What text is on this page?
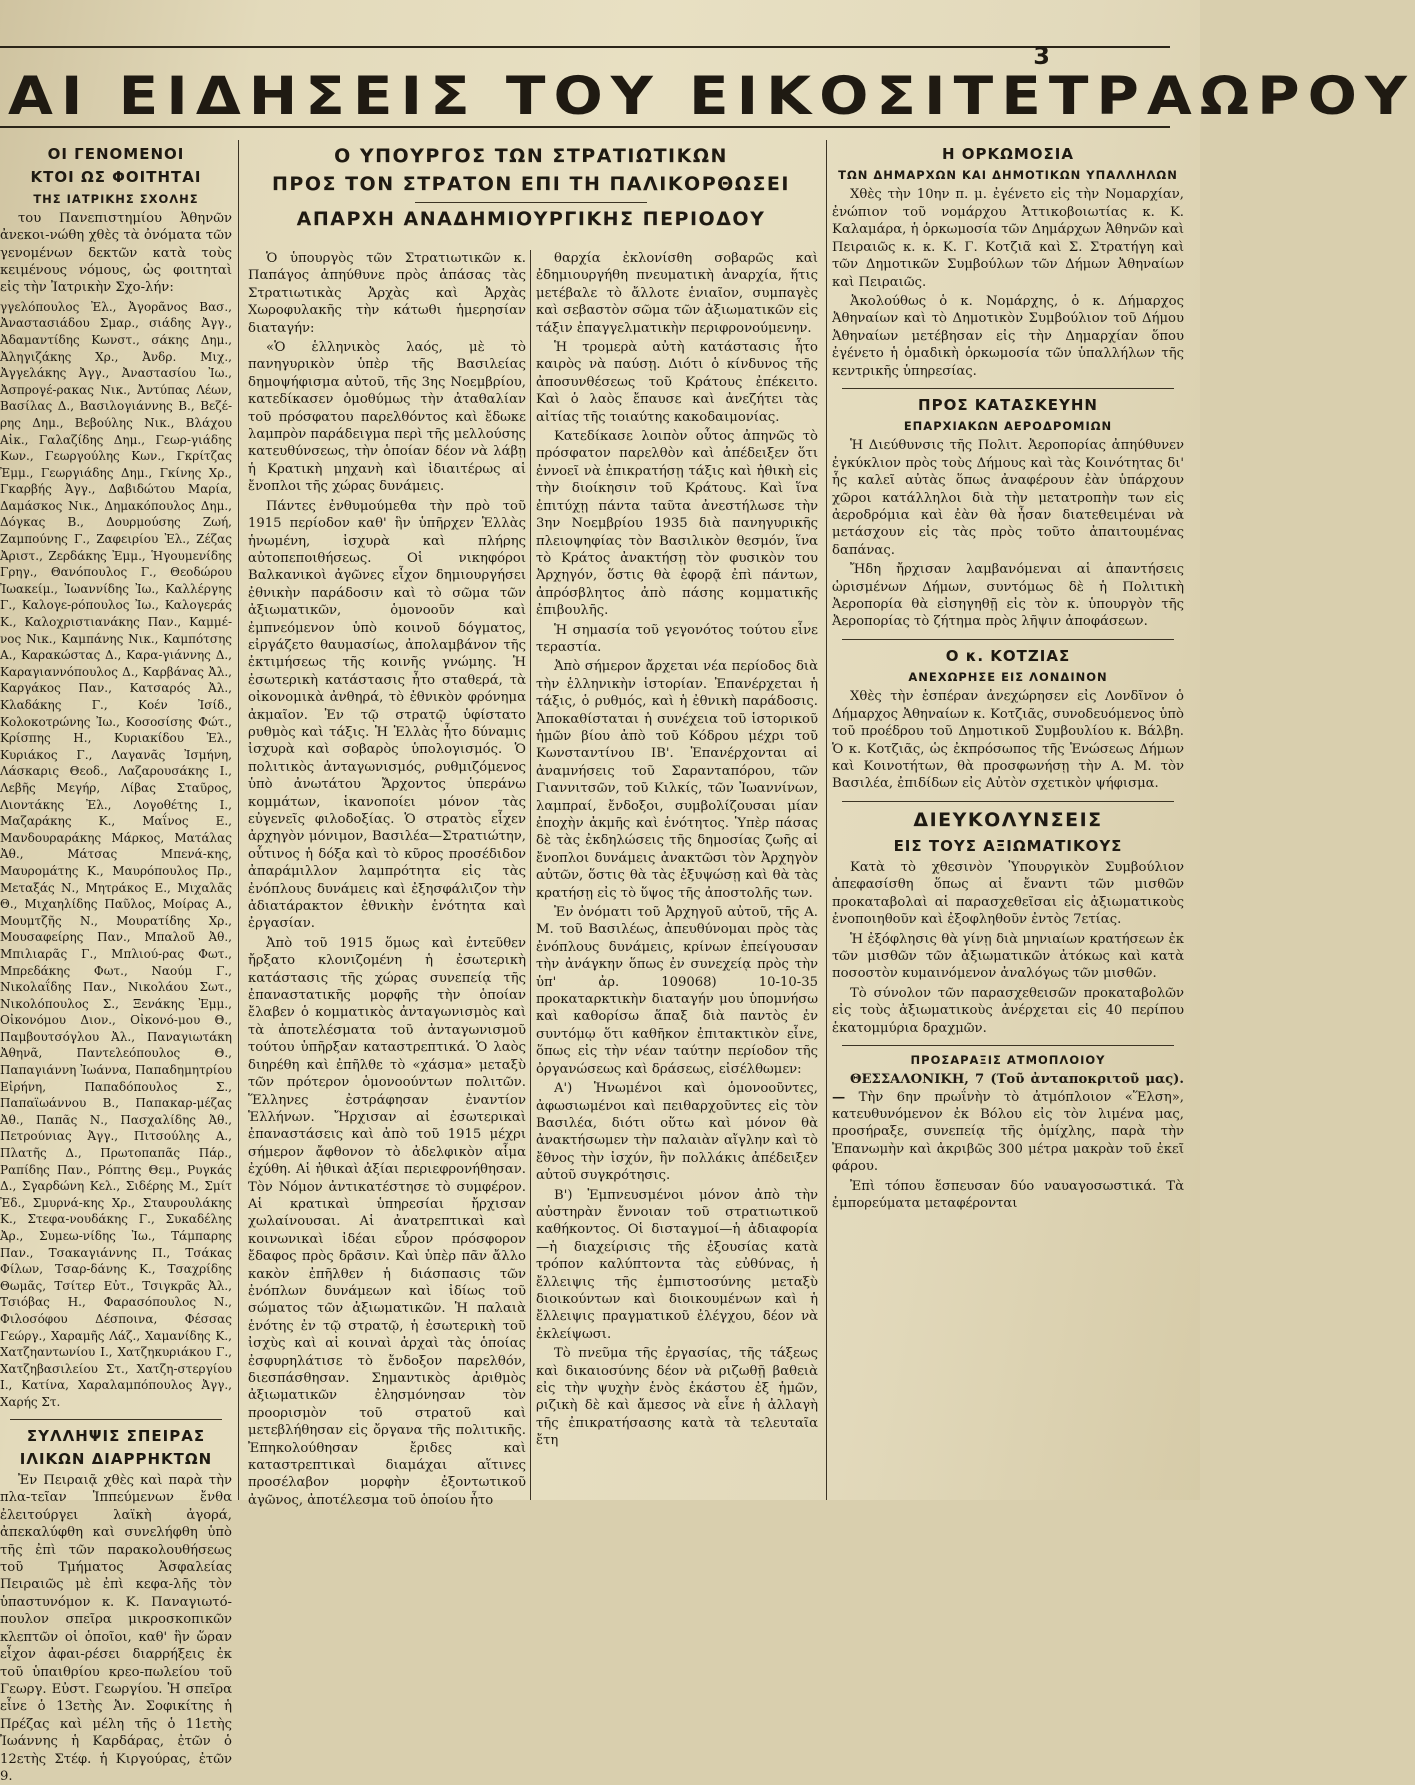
3
ΑΙ ΕΙΔΗΣΕΙΣ ΤΟΥ ΕΙΚΟΣΙΤΕΤΡΑΩΡΟΥ
ΟΙ ΓΕΝΟΜΕΝΟΙ
ΚΤΟΙ ΩΣ ΦΟΙΤΗΤΑΙ
ΤΗΣ ΙΑΤΡΙΚΗΣ ΣΧΟΛΗΣ

του Πανεπιστημίου Ἀθηνῶν ἀνεκοι-νώθη χθὲς τὰ ὀνόματα τῶν γενομένων δεκτῶν κατὰ τοὺς κειμένους νόμους, ὡς φοιτηταὶ εἰς τὴν Ἰατρικὴν Σχο-λήν:

γγελόπουλος Ἐλ., Ἀγορᾶνος Βασ., Ἀναστασιάδου Σμαρ., σιάδης Ἀγγ., Ἀδαμαντίδης Κωνστ., σάκης Δημ., Ἀληγιζάκης Χρ., Ἀνδρ. Μιχ., Ἀγγελάκης Ἀγγ., Ἀναστασίου Ἰω., Ἀσπρογέ-ρακας Νικ., Ἀντύπας Λέων, Βασίλας Δ., Βασιλογιάννης Β., Βεζέ-ρης Δημ., Βεβούλης Νικ., Βλάχου Αἰκ., Γαλαζίδης Δημ., Γεωρ-γιάδης Κων., Γεωργούλης Κων., Γκρίτζας Ἐμμ., Γεωργιάδης Δημ., Γκίνης Χρ., Γκαρβής Ἀγγ., Δαβιδώτου Μαρία, Δαμάσκος Νικ., Δημακόπουλος Δημ., Δόγκας Β., Δουρμούσης Ζωή, Ζαμπούνης Γ., Ζαφειρίου Ἐλ., Ζέζας Ἀριστ., Ζερδάκης Ἐμμ., Ἡγουμενίδης Γρηγ., Θανόπουλος Γ., Θεοδώρου Ἰωακείμ., Ἰωαννίδης Ἰω., Καλλέργης Γ., Καλογε-ρόπουλος Ἰω., Καλογεράς Κ., Καλοχριστιανάκης Παν., Καμμέ-νος Νικ., Καμπάνης Νικ., Καμπότσης Α., Καρακώστας Δ., Καρα-γιάννης Δ., Καραγιαννόπουλος Δ., Καρβάνας Ἀλ., Καργάκος Παν., Κατσαρός Ἀλ., Κλαδάκης Γ., Κοέν Ἰσίδ., Κολοκοτρώνης Ἰω., Κοσοσίσης Φώτ., Κρίσπης Η., Κυριακίδου Ἑλ., Κυριάκος Γ., Λαγανᾶς Ἰσμήνη, Λάσκαρις Θεοδ., Λαζαρουσάκης Ι., Λεβῆς Μεγήρ, Λίβας Σταῦρος, Λιοντάκης Ἐλ., Λογοθέτης Ι., Μαζαράκης Κ., Μαΐνος Ε., Μανδουραράκης Μάρκος, Ματάλας Ἀθ., Μάτσας Μπενά-κης, Μαυρομάτης Κ., Μαυρόπουλος Πρ., Μεταξάς Ν., Μητράκος Ε., Μιχαλᾶς Θ., Μιχαηλίδης Παῦλος, Μοίρας Α., Μουμτζῆς Ν., Μουρατίδης Χρ., Μουσαφείρης Παν., Μπαλοῦ Ἀθ., Μπιλιαρᾶς Γ., Μπλιού-ρας Φωτ., Μπρεδάκης Φωτ., Ναούμ Γ., Νικολαΐδης Παν., Νικολάου Σωτ., Νικολόπουλος Σ., Ξενάκης Ἐμμ., Οἰκονόμου Διον., Οἰκονό-μου Θ., Παμβουτσόγλου Ἀλ., Παναγιωτάκη Ἀθηνᾶ, Παντελεόπουλος Θ., Παπαγιάννη Ἰωάννα, Παπαδημητρίου Εἰρήνη, Παπαδόπουλος Σ., Παπαϊωάννου Β., Παπακαρ-μέζας Ἀθ., Παπᾶς Ν., Πασχαλίδης Ἀθ., Πετρούνιας Ἀγγ., Πιτσούλης Α., Πλατῆς Δ., Πρωτοπαπᾶς Πάρ., Ραπίδης Παν., Ρόπτης Θεμ., Ρυγκάς Δ., Σγαρδώνη Κελ., Σιδέρης Μ., Σμίτ Ἐδ., Σμυρνά-κης Χρ., Σταυρουλάκης Κ., Στεφα-νουδάκης Γ., Συκαδέλης Ἀρ., Συμεω-νίδης Ἰω., Τάμπαρης Παν., Τσακαγιάννης Π., Τσάκας Φίλων, Τσαρ-δάνης Κ., Τσαχρίδης Θωμᾶς, Τσίτερ Εὐτ., Τσιγκρᾶς Ἀλ., Τσιόβας Η., Φαρασόπουλος Ν., Φιλοσόφου Δέσποινα, Φέσσας Γεώργ., Χαραμῆς Λάζ., Χαμανίδης Κ., Χατζηαντωνίου Ι., Χατζηκυριάκου Γ., Χατζηβασιλείου Στ., Χατζη-στεργίου Ι., Κατίνα, Χαραλαμπόπουλος Ἀγγ., Χαρής Στ.

ΣΥΛΛΗΨΙΣ ΣΠΕΙΡΑΣ
ΙΛΙΚΩΝ ΔΙΑΡΡΗΚΤΩΝ

Ἐν Πειραιᾷ χθὲς καὶ παρὰ τὴν πλα-τεῖαν Ἱππεύμενων ἔνθα ἐλειτούργει λαϊκὴ ἀγορά, ἀπεκαλύφθη καὶ συνελήφθη ὑπὸ τῆς ἐπὶ τῶν παρακολουθήσεως τοῦ Τμήματος Ἀσφαλείας Πειραιῶς μὲ ἐπὶ κεφα-λῆς τὸν ὑπαστυνόμον κ. Κ. Παναγιωτό-πουλον σπεῖρα μικροσκοπικῶν κλεπτῶν οἱ ὁποῖοι, καθ' ἣν ὥραν εἶχον ἀφαι-ρέσει διαρρήξεις ἐκ τοῦ ὑπαιθρίου κρεο-πωλείου τοῦ Γεωργ. Εὐστ. Γεωργίου. Ἡ σπεῖρα εἶνε ὁ 13ετὴς Ἀν. Σοφικίτης ἡ Πρέζας καὶ μέλη τῆς ὁ 11ετὴς Ἰωάννης ἡ Καρδάρας, ἐτῶν ὁ 12ετὴς Στέφ. ἡ Κιργούρας, ἐτῶν 9.

Ο ΥΠΟΥΡΓΟΣ ΤΩΝ ΣΤΡΑΤΙΩΤΙΚΩΝ
ΠΡΟΣ ΤΟΝ ΣΤΡΑΤΟΝ ΕΠΙ ΤΗ ΠΑΛΙΚΟΡΘΩΣΕΙ
ΑΠΑΡΧΗ ΑΝΑΔΗΜΙΟΥΡΓΙΚΗΣ ΠΕΡΙΟΔΟΥ

Ὁ ὑπουργὸς τῶν Στρατιωτικῶν κ. Παπάγος ἀπηύθυνε πρὸς ἁπάσας τὰς Στρατιωτικὰς Ἀρχὰς καὶ Ἀρχὰς Χωροφυλακῆς τὴν κάτωθι ἡμερησίαν διαταγήν:

«Ὁ ἑλληνικὸς λαός, μὲ τὸ πανηγυρικὸν ὑπὲρ τῆς Βασιλείας δημοψήφισμα αὐτοῦ, τῆς 3ης Νοεμβρίου, κατεδίκασεν ὁμοθύμως τὴν ἀταθαλίαν τοῦ πρόσφατου παρελθόντος καὶ ἔδωκε λαμπρὸν παράδειγμα περὶ τῆς μελλούσης κατευθύνσεως, τὴν ὁποίαν δέον νὰ λάβῃ ἡ Κρατικὴ μηχανὴ καὶ ἰδιαιτέρως αἱ ἔνοπλοι τῆς χώρας δυνάμεις.

Πάντες ἐνθυμούμεθα τὴν πρὸ τοῦ 1915 περίοδον καθ' ἣν ὑπῆρχεν Ἑλλὰς ἡνωμένη, ἰσχυρὰ καὶ πλήρης αὐτοπεποιθήσεως. Οἱ νικηφόροι Βαλκανικοὶ ἀγῶνες εἶχον δημιουργήσει ἐθνικὴν παράδοσιν καὶ τὸ σῶμα τῶν ἀξιωματικῶν, ὁμονοοῦν καὶ ἐμπνεόμενον ὑπὸ κοινοῦ δόγματος, εἰργάζετο θαυμασίως, ἀπολαμβάνον τῆς ἐκτιμήσεως τῆς κοινῆς γνώμης. Ἡ ἐσωτερικὴ κατάστασις ἦτο σταθερά, τὰ οἰκονομικὰ ἀνθηρά, τὸ ἐθνικὸν φρόνημα ἀκμαῖον. Ἐν τῷ στρατῷ ὑφίστατο ρυθμὸς καὶ τάξις. Ἡ Ἑλλὰς ἦτο δύναμις ἰσχυρὰ καὶ σοβαρὸς ὑπολογισμός. Ὁ πολιτικὸς ἀνταγωνισμός, ρυθμιζόμενος ὑπὸ ἀνωτάτου Ἄρχοντος ὑπεράνω κομμάτων, ἱκανοποίει μόνον τὰς εὐγενεῖς φιλοδοξίας. Ὁ στρατὸς εἶχεν ἀρχηγὸν μόνιμον, Βασιλέα—Στρατιώτην, οὗτινος ἡ δόξα καὶ τὸ κῦρος προσέδιδον ἀπαράμιλλον λαμπρότητα εἰς τὰς ἐνόπλους δυνάμεις καὶ ἐξησφάλιζον τὴν ἀδιατάρακτον ἐθνικὴν ἑνότητα καὶ ἐργασίαν.

Ἀπὸ τοῦ 1915 ὅμως καὶ ἐντεῦθεν ἤρξατο κλονιζομένη ἡ ἐσωτερικὴ κατάστασις τῆς χώρας συνεπείᾳ τῆς ἐπαναστατικῆς μορφῆς τὴν ὁποίαν ἔλαβεν ὁ κομματικὸς ἀνταγωνισμὸς καὶ τὰ ἀποτελέσματα τοῦ ἀνταγωνισμοῦ τούτου ὑπῆρξαν καταστρεπτικά. Ὁ λαὸς διηρέθη καὶ ἐπῆλθε τὸ «χάσμα» μεταξὺ τῶν πρότερον ὁμονοούντων πολιτῶν. Ἕλληνες ἐστράφησαν ἐναντίον Ἑλλήνων. Ἤρχισαν αἱ ἐσωτερικαὶ ἐπαναστάσεις καὶ ἀπὸ τοῦ 1915 μέχρι σήμερον ἄφθονον τὸ ἀδελφικὸν αἷμα ἐχύθη. Αἱ ἠθικαὶ ἀξίαι περιεφρονήθησαν. Τὸν Νόμον ἀντικατέστησε τὸ συμφέρον. Αἱ κρατικαὶ ὑπηρεσίαι ἤρχισαν χωλαίνουσαι. Αἱ ἀνατρεπτικαὶ καὶ κοινωνικαὶ ἰδέαι εὗρον πρόσφορον ἔδαφος πρὸς δρᾶσιν. Καὶ ὑπὲρ πᾶν ἄλλο κακὸν ἐπῆλθεν ἡ διάσπασις τῶν ἐνόπλων δυνάμεων καὶ ἰδίως τοῦ σώματος τῶν ἀξιωματικῶν. Ἡ παλαιὰ ἑνότης ἐν τῷ στρατῷ, ἡ ἐσωτερικὴ τοῦ ἰσχὺς καὶ αἱ κοιναὶ ἀρχαὶ τὰς ὁποίας ἐσφυρηλάτισε τὸ ἔνδοξον παρελθόν, διεσπάσθησαν. Σημαντικὸς ἀριθμὸς ἀξιωματικῶν ἐλησμόνησαν τὸν προορισμὸν τοῦ στρατοῦ καὶ μετεβλήθησαν εἰς ὄργανα τῆς πολιτικῆς. Ἐπηκολούθησαν ἔριδες καὶ καταστρεπτικαὶ διαμάχαι αἵτινες προσέλαβον μορφὴν ἐξοντωτικοῦ ἀγῶνος, ἀποτέλεσμα τοῦ ὁποίου ἦτο

θαρχία ἐκλονίσθη σοβαρῶς καὶ ἐδημιουργήθη πνευματικὴ ἀναρχία, ἥτις μετέβαλε τὸ ἄλλοτε ἑνιαῖον, συμπαγὲς καὶ σεβαστὸν σῶμα τῶν ἀξιωματικῶν εἰς τάξιν ἐπαγγελματικὴν περιφρονούμενην.

Ἡ τρομερὰ αὐτὴ κατάστασις ἦτο καιρὸς νὰ παύσῃ. Διότι ὁ κίνδυνος τῆς ἀποσυνθέσεως τοῦ Κράτους ἐπέκειτο. Καὶ ὁ λαὸς ἔπαυσε καὶ ἀνεζήτει τὰς αἰτίας τῆς τοιαύτης κακοδαιμονίας.

Κατεδίκασε λοιπὸν οὗτος ἀπηνῶς τὸ πρόσφατον παρελθὸν καὶ ἀπέδειξεν ὅτι ἐννοεῖ νὰ ἐπικρατήσῃ τάξις καὶ ἠθικὴ εἰς τὴν διοίκησιν τοῦ Κράτους. Καὶ ἵνα ἐπιτύχῃ πάντα ταῦτα ἀνεστήλωσε τὴν 3ην Νοεμβρίου 1935 διὰ πανηγυρικῆς πλειοψηφίας τὸν Βασιλικὸν θεσμόν, ἵνα τὸ Κράτος ἀνακτήσῃ τὸν φυσικὸν του Ἀρχηγόν, ὅστις θὰ ἐφορᾷ ἐπὶ πάντων, ἀπρόσβλητος ἀπὸ πάσης κομματικῆς ἐπιβουλῆς.

Ἡ σημασία τοῦ γεγονότος τούτου εἶνε τεραστία.

Ἀπὸ σήμερον ἄρχεται νέα περίοδος διὰ τὴν ἑλληνικὴν ἱστορίαν. Ἐπανέρχεται ἡ τάξις, ὁ ρυθμός, καὶ ἡ ἐθνικὴ παράδοσις. Ἀποκαθίσταται ἡ συνέχεια τοῦ ἱστορικοῦ ἡμῶν βίου ἀπὸ τοῦ Κόδρου μέχρι τοῦ Κωνσταντίνου ΙΒ'. Ἐπανέρχονται αἱ ἀναμνήσεις τοῦ Σαρανταπόρου, τῶν Γιαννιτσῶν, τοῦ Κιλκίς, τῶν Ἰωαννίνων, λαμπραί, ἔνδοξοι, συμβολίζουσαι μίαν ἐποχὴν ἀκμῆς καὶ ἑνότητος. Ὑπὲρ πάσας δὲ τὰς ἐκδηλώσεις τῆς δημοσίας ζωῆς αἱ ἔνοπλοι δυνάμεις ἀνακτῶσι τὸν Ἀρχηγὸν αὐτῶν, ὅστις θὰ τὰς ἐξυψώσῃ καὶ θὰ τὰς κρατήσῃ εἰς τὸ ὕψος τῆς ἀποστολῆς των.

Ἐν ὀνόματι τοῦ Ἀρχηγοῦ αὐτοῦ, τῆς Α. Μ. τοῦ Βασιλέως, ἀπευθύνομαι πρὸς τὰς ἐνόπλους δυνάμεις, κρίνων ἐπείγουσαν τὴν ἀνάγκην ὅπως ἐν συνεχείᾳ πρὸς τὴν ὑπ' ἀρ. 109068) 10-10-35 προκαταρκτικὴν διαταγήν μου ὑπομνήσω καὶ καθορίσω ἅπαξ διὰ παντὸς ἐν συντόμῳ ὅτι καθῆκον ἐπιτακτικὸν εἶνε, ὅπως εἰς τὴν νέαν ταύτην περίοδον τῆς ὀργανώσεως καὶ δράσεως, εἰσέλθωμεν:

Α') Ἡνωμένοι καὶ ὁμονοοῦντες, ἀφωσιωμένοι καὶ πειθαρχοῦντες εἰς τὸν Βασιλέα, διότι οὕτω καὶ μόνον θὰ ἀνακτήσωμεν τὴν παλαιὰν αἴγλην καὶ τὸ ἔθνος τὴν ἰσχύν, ἣν πολλάκις ἀπέδειξεν αὐτοῦ συγκρότησις.

Β') Ἐμπνευσμένοι μόνον ἀπὸ τὴν αὐστηρὰν ἔννοιαν τοῦ στρατιωτικοῦ καθήκοντος. Οἱ δισταγμοί—ἡ ἀδιαφορία—ἡ διαχείρισις τῆς ἐξουσίας κατὰ τρόπον καλύπτοντα τὰς εὐθύνας, ἡ ἔλλειψις τῆς ἐμπιστοσύνης μεταξὺ διοικούντων καὶ διοικουμένων καὶ ἡ ἔλλειψις πραγματικοῦ ἐλέγχου, δέον νὰ ἐκλείψωσι.

Τὸ πνεῦμα τῆς ἐργασίας, τῆς τάξεως καὶ δικαιοσύνης δέον νὰ ριζωθῇ βαθειὰ εἰς τὴν ψυχὴν ἑνὸς ἑκάστου ἐξ ἡμῶν, ριζικὴ δὲ καὶ ἄμεσος νὰ εἶνε ἡ ἀλλαγὴ τῆς ἐπικρατήσασης κατὰ τὰ τελευταῖα ἔτη

Η ΟΡΚΩΜΟΣΙΑ
ΤΩΝ ΔΗΜΑΡΧΩΝ ΚΑΙ ΔΗΜΟΤΙΚΩΝ ΥΠΑΛΛΗΛΩΝ

Χθὲς τὴν 10ην π. μ. ἐγένετο εἰς τὴν Νομαρχίαν, ἐνώπιον τοῦ νομάρχου Ἀττικοβοιωτίας κ. Κ. Καλαμάρα, ἡ ὁρκωμοσία τῶν Δημάρχων Ἀθηνῶν καὶ Πειραιῶς κ. κ. Κ. Γ. Κοτζιᾶ καὶ Σ. Στρατήγη καὶ τῶν Δημοτικῶν Συμβούλων τῶν Δήμων Ἀθηναίων καὶ Πειραιῶς.

Ἀκολούθως ὁ κ. Νομάρχης, ὁ κ. Δήμαρχος Ἀθηναίων καὶ τὸ Δημοτικὸν Συμβούλιον τοῦ Δήμου Ἀθηναίων μετέβησαν εἰς τὴν Δημαρχίαν ὅπου ἐγένετο ἡ ὁμαδικὴ ὁρκωμοσία τῶν ὑπαλλήλων τῆς κεντρικῆς ὑπηρεσίας.

ΠΡΟΣ ΚΑΤΑΣΚΕΥΗΝ
ΕΠΑΡΧΙΑΚΩΝ ΑΕΡΟΔΡΟΜΙΩΝ

Ἡ Διεύθυνσις τῆς Πολιτ. Ἀεροπορίας ἀπηύθυνεν ἐγκύκλιον πρὸς τοὺς Δήμους καὶ τὰς Κοινότητας δι' ἧς καλεῖ αὐτὰς ὅπως ἀναφέρουν ἐὰν ὑπάρχουν χῶροι κατάλληλοι διὰ τὴν μετατροπὴν των εἰς ἀεροδρόμια καὶ ἐὰν θὰ ἦσαν διατεθειμέναι νὰ μετάσχουν εἰς τὰς πρὸς τοῦτο ἀπαιτουμένας δαπάνας.

Ἤδη ἤρχισαν λαμβανόμεναι αἱ ἀπαντήσεις ὡρισμένων Δήμων, συντόμως δὲ ἡ Πολιτικὴ Ἀεροπορία θὰ εἰσηγηθῇ εἰς τὸν κ. ὑπουργὸν τῆς Ἀεροπορίας τὸ ζήτημα πρὸς λῆψιν ἀποφάσεων.

Ο κ. ΚΟΤΖΙΑΣ
ΑΝΕΧΩΡΗΣΕ ΕΙΣ ΛΟΝΔΙΝΟΝ

Χθὲς τὴν ἑσπέραν ἀνεχώρησεν εἰς Λονδῖνον ὁ Δήμαρχος Ἀθηναίων κ. Κοτζιᾶς, συνοδευόμενος ὑπὸ τοῦ προέδρου τοῦ Δημοτικοῦ Συμβουλίου κ. Βάλβη. Ὁ κ. Κοτζιᾶς, ὡς ἐκπρόσωπος τῆς Ἑνώσεως Δήμων καὶ Κοινοτήτων, θὰ προσφωνήσῃ τὴν Α. Μ. τὸν Βασιλέα, ἐπιδίδων εἰς Αὐτὸν σχετικὸν ψήφισμα.

ΔΙΕΥΚΟΛΥΝΣΕΙΣ
ΕΙΣ ΤΟΥΣ ΑΞΙΩΜΑΤΙΚΟΥΣ

Κατὰ τὸ χθεσινὸν Ὑπουργικὸν Συμβούλιον ἀπεφασίσθη ὅπως αἱ ἔναντι τῶν μισθῶν προκαταβολαὶ αἱ παρασχεθεῖσαι εἰς ἀξιωματικοὺς ἐνοποιηθοῦν καὶ ἐξοφληθοῦν ἐντὸς 7ετίας.

Ἡ ἐξόφλησις θὰ γίνῃ διὰ μηνιαίων κρατήσεων ἐκ τῶν μισθῶν τῶν ἀξιωματικῶν ἀτόκως καὶ κατὰ ποσοστὸν κυμαινόμενον ἀναλόγως τῶν μισθῶν.

Τὸ σύνολον τῶν παρασχεθεισῶν προκαταβολῶν εἰς τοὺς ἀξιωματικοὺς ἀνέρχεται εἰς 40 περίπου ἑκατομμύρια δραχμῶν.

ΠΡΟΣΑΡΑΞΙΣ ΑΤΜΟΠΛΟΙΟΥ

ΘΕΣΣΑΛΟΝΙΚΗ, 7 (Τοῦ ἀνταποκριτοῦ μας). — Τὴν 6ην πρωΐνὴν τὸ ἀτμόπλοιον «Ἕλση», κατευθυνόμενον ἐκ Βόλου εἰς τὸν λιμένα μας, προσήραξε, συνεπείᾳ τῆς ὁμίχλης, παρὰ τὴν Ἐπανωμὴν καὶ ἀκριβῶς 300 μέτρα μακρὰν τοῦ ἐκεῖ φάρου.

Ἐπὶ τόπου ἔσπευσαν δύο ναυαγοσωστικά. Τὰ ἐμπορεύματα μεταφέρονται
